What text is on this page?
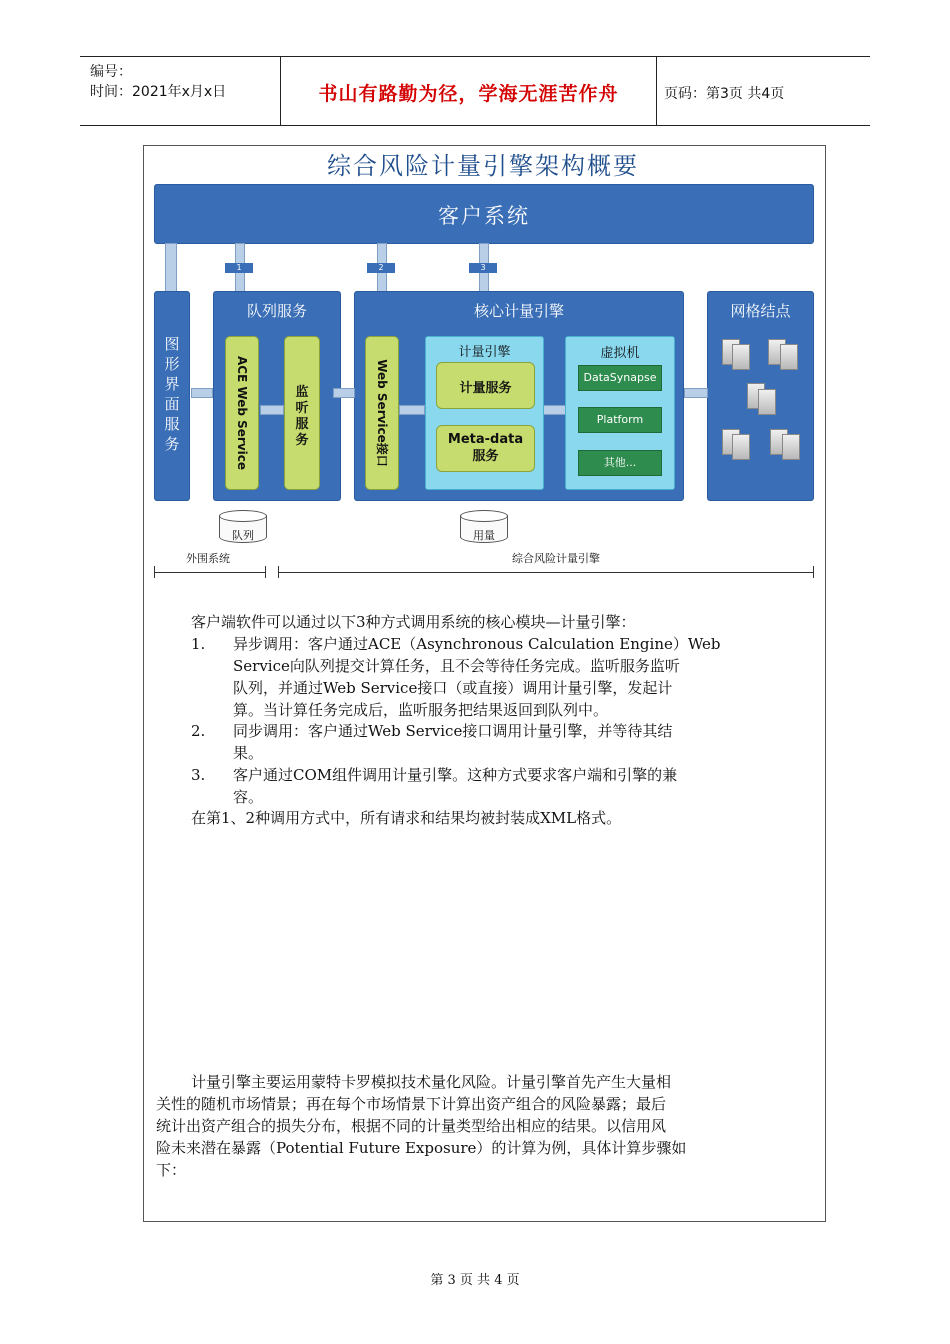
编号：
时间：2021年x月x日	书山有路勤为径，学海无涯苦作舟	页码：第3页 共4页
综合风险计量引擎架构概要
客户系统
1	2	3
图
形
界
面
服
务
队列服务	核心计量引擎	网格结点
ACE Web Service	监
听
服
务	Web Service接口
计量引擎
计量服务
Meta-data
服务
虚拟机
DataSynapse
Platform
其他...
队列	用量
外围系统	综合风险计量引擎
客户端软件可以通过以下3种方式调用系统的核心模块—计量引擎：
1. 异步调用：客户通过ACE（Asynchronous Calculation Engine）Web
Service向队列提交计算任务，且不会等待任务完成。监听服务监听
队列，并通过Web Service接口（或直接）调用计量引擎，发起计
算。当计算任务完成后，监听服务把结果返回到队列中。
2. 同步调用：客户通过Web Service接口调用计量引擎，并等待其结
果。
3. 客户通过COM组件调用计量引擎。这种方式要求客户端和引擎的兼
容。
在第1、2种调用方式中，所有请求和结果均被封装成XML格式。
计量引擎主要运用蒙特卡罗模拟技术量化风险。计量引擎首先产生大量相
关性的随机市场情景；再在每个市场情景下计算出资产组合的风险暴露；最后
统计出资产组合的损失分布，根据不同的计量类型给出相应的结果。以信用风
险未来潜在暴露（Potential Future Exposure）的计算为例，具体计算步骤如
下：
第 3 页 共 4 页
